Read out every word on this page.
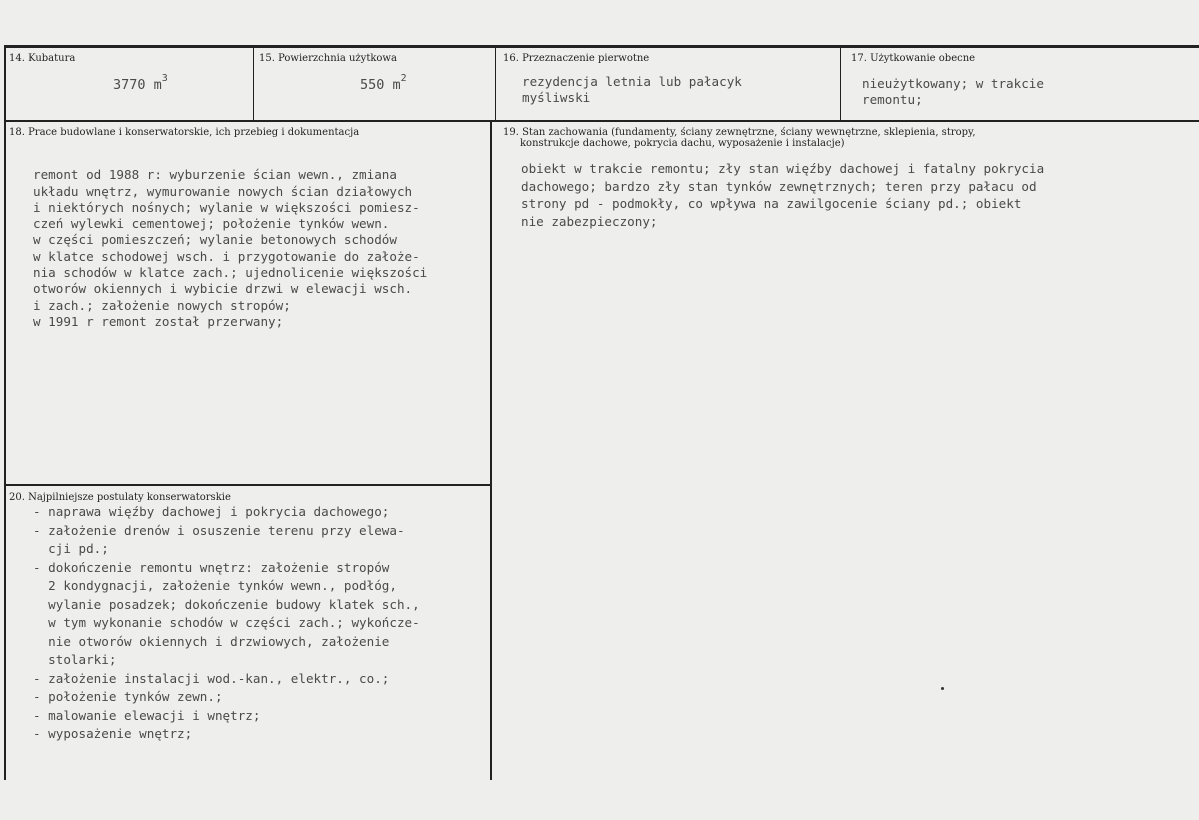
14. Kubatura
3770 $m^3$
15. Powierzchnia użytkowa
550 $m^2$
16. Przeznaczenie pierwotne
rezydencja letnia lub pałacyk
myśliwski
17. Użytkowanie obecne
nieużytkowany; w trakcie
remontu;
18. Prace budowlane i konserwatorskie, ich przebieg i dokumentacja

remont od 1988 r: wyburzenie ścian wewn., zmiana
układu wnętrz, wymurowanie nowych ścian działowych
i niektórych nośnych; wylanie w większości pomiesz-
czeń wylewki cementowej; położenie tynków wewn.
w części pomieszczeń; wylanie betonowych schodów
w klatce schodowej wsch. i przygotowanie do założe-
nia schodów w klatce zach.; ujednolicenie większości
otworów okiennych i wybicie drzwi w elewacji wsch.
i zach.; założenie nowych stropów;
w 1991 r remont został przerwany;
19. Stan zachowania (fundamenty, ściany zewnętrzne, ściany wewnętrzne, sklepienia, stropy,
konstrukcje dachowe, pokrycia dachu, wyposażenie i instalacje)
obiekt w trakcie remontu; zły stan więźby dachowej i fatalny pokrycia
dachowego; bardzo zły stan tynków zewnętrznych; teren przy pałacu od
strony pd - podmokły, co wpływa na zawilgocenie ściany pd.; obiekt
nie zabezpieczony;
20. Najpilniejsze postulaty konserwatorskie
- naprawa więźby dachowej i pokrycia dachowego;
- założenie drenów i osuszenie terenu przy elewa-
cji pd.;
- dokończenie remontu wnętrz: założenie stropów
2 kondygnacji, założenie tynków wewn., podłóg,
wylanie posadzek; dokończenie budowy klatek sch.,
w tym wykonanie schodów w części zach.; wykończe-
nie otworów okiennych i drzwiowych, założenie
stolarki;
- założenie instalacji wod.-kan., elektr., co.;
- położenie tynków zewn.;
- malowanie elewacji i wnętrz;
- wyposażenie wnętrz;
